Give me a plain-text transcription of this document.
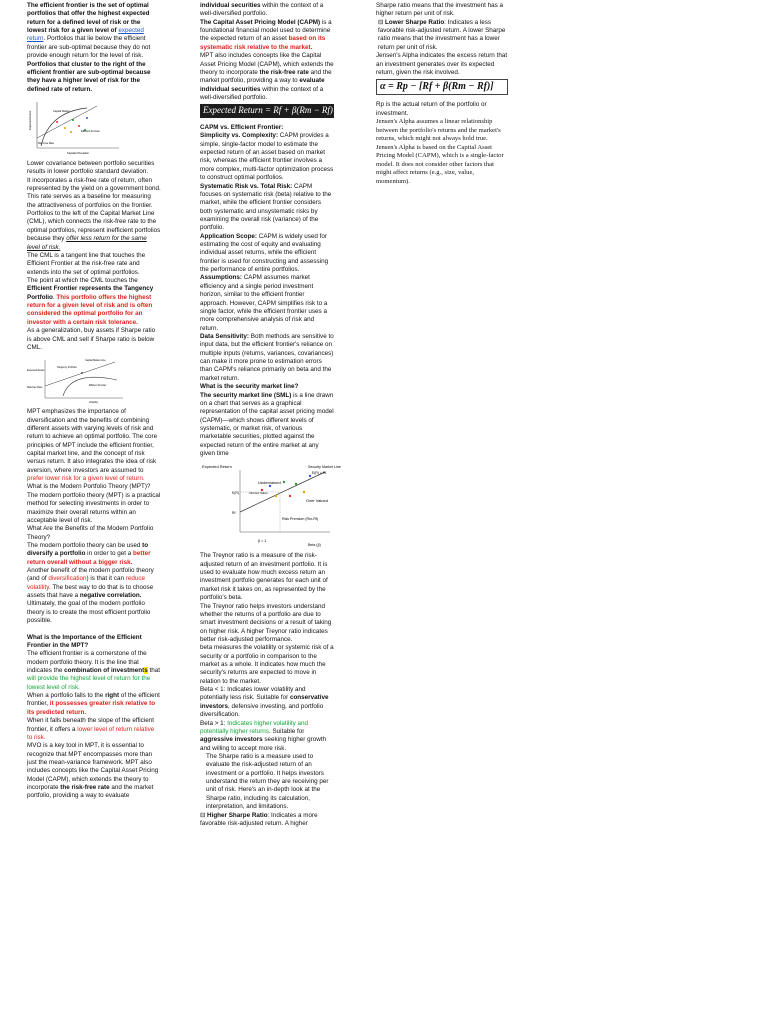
The efficient frontier is the set of optimal portfolios that offer the highest expected return for a defined level of risk or the lowest risk for a given level of expected return. Portfolios that lie below the efficient frontier are sub-optimal because they do not provide enough return for the level of risk. Portfolios that cluster to the right of the efficient frontier are sub-optimal because they have a higher level of risk for the defined rate of return.

Expected Return	Capital Market
Efficient Frontier
Risk Free Rate
Standard Deviation

Lower covariance between portfolio securities results in lower portfolio standard deviation.

It incorporates a risk-free rate of return, often represented by the yield on a government bond. This rate serves as a baseline for measuring the attractiveness of portfolios on the frontier.

Portfolios to the left of the Capital Market Line (CML), which connects the risk-free rate to the optimal portfolios, represent inefficient portfolios because they offer less return for the same level of risk.

The CML is a tangent line that touches the Efficient Frontier at the risk-free rate and extends into the set of optimal portfolios.

The point at which the CML touches the Efficient Frontier represents the Tangency Portfolio. This portfolio offers the highest return for a given level of risk and is often considered the optimal portfolio for an investor with a certain risk tolerance.

As a generalization, buy assets if Sharpe ratio is above CML and sell if Sharpe ratio is below CML.

Capital Market Line
Expected Return
Tangency Portfolio
Efficient Frontier
Risk-free Rate
Volatility

MPT emphasizes the importance of diversification and the benefits of combining different assets with varying levels of risk and return to achieve an optimal portfolio. The core principles of MPT include the efficient frontier, capital market line, and the concept of risk versus return. It also integrates the idea of risk aversion, where investors are assumed to prefer lower risk for a given level of return.

What is the Modern Portfolio Theory (MPT)?

The modern portfolio theory (MPT) is a practical method for selecting investments in order to maximize their overall returns within an acceptable level of risk.

What Are the Benefits of the Modern Portfolio Theory?

The modern portfolio theory can be used to diversify a portfolio in order to get a better return overall without a bigger risk.

Another benefit of the modern portfolio theory (and of diversification) is that it can reduce volatility. The best way to do that is to choose assets that have a negative correlation.

Ultimately, the goal of the modern portfolio theory is to create the most efficient portfolio possible.

What is the Importance of the Efficient Frontier in the MPT?

The efficient frontier is a cornerstone of the modern portfolio theory. It is the line that indicates the combination of investments that will provide the highest level of return for the lowest level of risk.

When a portfolio falls to the right of the efficient frontier, it possesses greater risk relative to its predicted return.

When it falls beneath the slope of the efficient frontier, it offers a lower level of return relative to risk.

MVO is a key tool in MPT, it is essential to recognize that MPT encompasses more than just the mean-variance framework. MPT also includes concepts like the Capital Asset Pricing Model (CAPM), which extends the theory to incorporate the risk-free rate and the market portfolio, providing a way to evaluate

individual securities within the context of a well-diversified portfolio.

The Capital Asset Pricing Model (CAPM) is a foundational financial model used to determine the expected return of an asset based on its systematic risk relative to the market.

MPT also includes concepts like the Capital Asset Pricing Model (CAPM), which extends the theory to incorporate the risk-free rate and the market portfolio, providing a way to evaluate individual securities within the context of a well-diversified portfolio.

Expected Return = Rf + β(Rm − Rf)

CAPM vs. Efficient Frontier:

Simplicity vs. Complexity: CAPM provides a simple, single-factor model to estimate the expected return of an asset based on market risk, whereas the efficient frontier involves a more complex, multi-factor optimization process to construct optimal portfolios.

Systematic Risk vs. Total Risk: CAPM focuses on systematic risk (beta) relative to the market, while the efficient frontier considers both systematic and unsystematic risks by examining the overall risk (variance) of the portfolio.

Application Scope: CAPM is widely used for estimating the cost of equity and evaluating individual asset returns, while the efficient frontier is used for constructing and assessing the performance of entire portfolios.

Assumptions: CAPM assumes market efficiency and a single period investment horizon, similar to the efficient frontier approach. However, CAPM simplifies risk to a single factor, while the efficient frontier uses a more comprehensive analysis of risk and return.

Data Sensitivity: Both methods are sensitive to input data, but the efficient frontier's reliance on multiple inputs (returns, variances, covariances) can make it more prone to estimation errors than CAPM's reliance primarily on beta and the market return.

What is the security market line?

The security market line (SML) is a line drawn on a chart that serves as a graphical representation of the capital asset pricing model (CAPM)—which shows different levels of systematic, or market risk, of various marketable securities, plotted against the expected return of the entire market at any given time

Expected Return	Security Market Line
E(R) = Rf
Undervalued
E(R)	Intrinsic Value
Over Valued
Rf
Risk Premium (Rm-Rf)
β = 1
Beta (β)

The Treynor ratio is a measure of the risk-adjusted return of an investment portfolio. It is used to evaluate how much excess return an investment portfolio generates for each unit of market risk it takes on, as represented by the portfolio's beta.

The Treynor ratio helps investors understand whether the returns of a portfolio are due to smart investment decisions or a result of taking on higher risk. A higher Treynor ratio indicates better risk-adjusted performance.

beta measures the volatility or systemic risk of a security or a portfolio in comparison to the market as a whole. It indicates how much the security's returns are expected to move in relation to the market.

Beta < 1: Indicates lower volatility and potentially less risk. Suitable for conservative investors, defensive investing, and portfolio diversification.

Beta > 1: Indicates higher volatility and potentially higher returns. Suitable for aggressive investors seeking higher growth and willing to accept more risk.

The Sharpe ratio is a measure used to evaluate the risk-adjusted return of an investment or a portfolio. It helps investors understand the return they are receiving per unit of risk. Here's an in-depth look at the Sharpe ratio, including its calculation, interpretation, and limitations.

⊟ Higher Sharpe Ratio: Indicates a more favorable risk-adjusted return. A higher

Sharpe ratio means that the investment has a higher return per unit of risk.

⊟ Lower Sharpe Ratio: Indicates a less favorable risk-adjusted return. A lower Sharpe ratio means that the investment has a lower return per unit of risk.

Jensen's Alpha indicates the excess return that an investment generates over its expected return, given the risk involved.

α = Rp − [Rf + β(Rm − Rf)]

Rp is the actual return of the portfolio or investment.

Jensen's Alpha assumes a linear relationship between the portfolio's returns and the market's returns, which might not always hold true.

Jensen's Alpha is based on the Capital Asset Pricing Model (CAPM), which is a single-factor model. It does not consider other factors that might affect returns (e.g., size, value, momentum).
